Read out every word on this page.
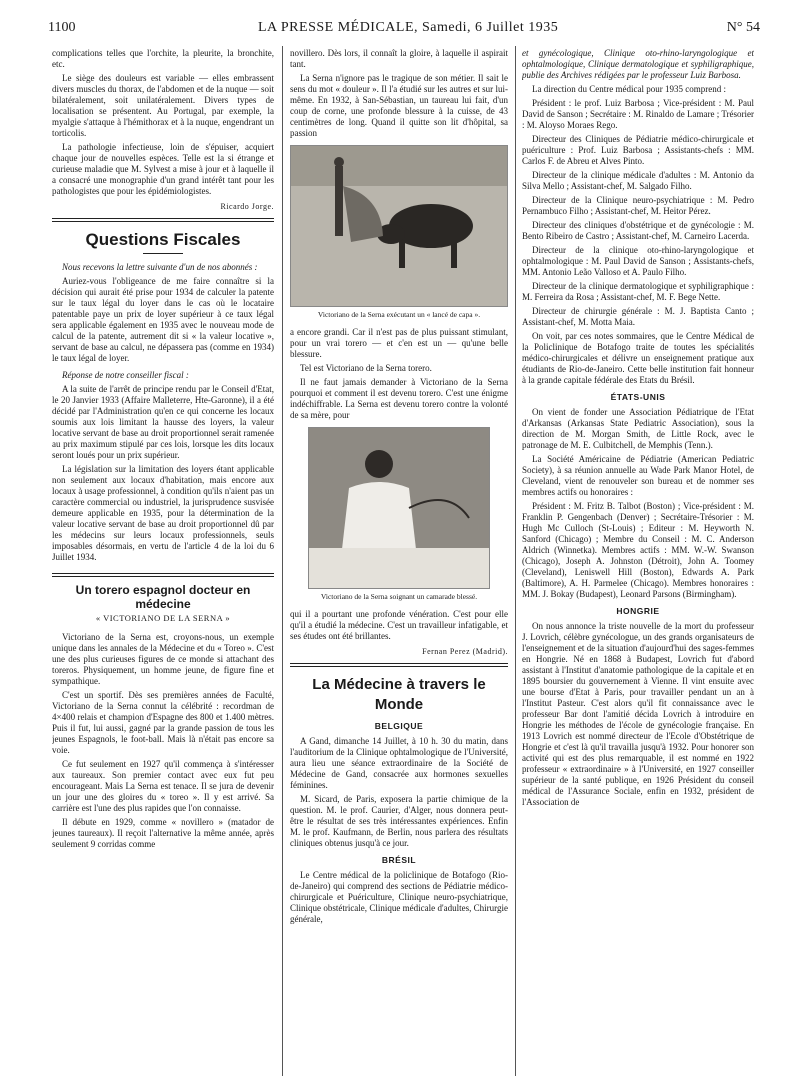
1100	LA PRESSE MÉDICALE, Samedi, 6 Juillet 1935	N° 54

complications telles que l'orchite, la pleurite, la bronchite, etc.

Le siège des douleurs est variable — elles embrassent divers muscles du thorax, de l'abdomen et de la nuque — soit bilatéralement, soit unilatéralement. Divers types de localisation se présentent. Au Portugal, par exemple, la myalgie s'attaque à l'hémithorax et à la nuque, engendrant un torticolis.

La pathologie infectieuse, loin de s'épuiser, acquiert chaque jour de nouvelles espèces. Telle est la si étrange et curieuse maladie que M. Sylvest a mise à jour et à laquelle il a consacré une monographie d'un grand intérêt tant pour les pathologistes que pour les épidémiologistes.

Ricardo Jorge.

Questions Fiscales

Nous recevons la lettre suivante d'un de nos abonnés :

Auriez-vous l'obligeance de me faire connaître si la décision qui aurait été prise pour 1934 de calculer la patente sur le taux légal du loyer dans le cas où le locataire patentable paye un prix de loyer supérieur à ce taux légal sera applicable également en 1935 avec le nouveau mode de calcul de la patente, autrement dit si « la valeur locative », servant de base au calcul, ne dépassera pas (comme en 1934) le taux légal de loyer.

Réponse de notre conseiller fiscal :

A la suite de l'arrêt de principe rendu par le Conseil d'Etat, le 20 Janvier 1933 (Affaire Malleterre, Hte-Garonne), il a été décidé par l'Administration qu'en ce qui concerne les locaux soumis aux lois limitant la hausse des loyers, la valeur locative servant de base au droit proportionnel serait ramenée au prix maximum stipulé par ces lois, lorsque les dits locaux seront loués pour un prix supérieur.

La législation sur la limitation des loyers étant applicable non seulement aux locaux d'habitation, mais encore aux locaux à usage professionnel, à condition qu'ils n'aient pas un caractère commercial ou industriel, la jurisprudence susvisée demeure applicable en 1935, pour la détermination de la valeur locative servant de base au droit proportionnel dû par les médecins sur leurs locaux professionnels, seuls imposables désormais, en vertu de l'article 4 de la loi du 6 Juillet 1934.

Un torero espagnol docteur en médecine
« VICTORIANO DE LA SERNA »

Victoriano de la Serna est, croyons-nous, un exemple unique dans les annales de la Médecine et du « Toreo ». C'est une des plus curieuses figures de ce monde si attachant des toreros. Physiquement, un homme jeune, de figure fine et sympathique.

C'est un sportif. Dès ses premières années de Faculté, Victoriano de la Serna connut la célébrité : recordman de 4×400 relais et champion d'Espagne des 800 et 1.400 mètres. Puis il fut, lui aussi, gagné par la grande passion de tous les jeunes Espagnols, le foot-ball. Mais là n'était pas encore sa voie.

Ce fut seulement en 1927 qu'il commença à s'intéresser aux taureaux. Son premier contact avec eux fut peu encourageant. Mais La Serna est tenace. Il se jura de devenir un jour une des gloires du « toreo ». Il y est arrivé. Sa carrière est l'une des plus rapides que l'on connaisse.

Il débute en 1929, comme « novillero » (matador de jeunes taureaux). Il reçoit l'alternative la même année, après seulement 9 corridas comme

novillero. Dès lors, il connaît la gloire, à laquelle il aspirait tant.

La Serna n'ignore pas le tragique de son métier. Il sait le sens du mot « douleur ». Il l'a étudié sur les autres et sur lui-même. En 1932, à San-Sébastian, un taureau lui fait, d'un coup de corne, une profonde blessure à la cuisse, de 43 centimètres de long. Quand il quitte son lit d'hôpital, sa passion

Victoriano de la Serna exécutant un « lancé de capa ».

a encore grandi. Car il n'est pas de plus puissant stimulant, pour un vrai torero — et c'en est un — qu'une belle blessure.

Tel est Victoriano de la Serna torero.

Il ne faut jamais demander à Victoriano de la Serna pourquoi et comment il est devenu torero. C'est une énigme indéchiffrable. La Serna est devenu torero contre la volonté de sa mère, pour

Victoriano de la Serna soignant un camarade blessé.

qui il a pourtant une profonde vénération. C'est pour elle qu'il a étudié la médecine. C'est un travailleur infatigable, et ses études ont été brillantes.

Fernan Perez (Madrid).

La Médecine à travers le Monde
BELGIQUE

A Gand, dimanche 14 Juillet, à 10 h. 30 du matin, dans l'auditorium de la Clinique ophtalmologique de l'Université, aura lieu une séance extraordinaire de la Société de Médecine de Gand, consacrée aux hormones sexuelles féminines.

M. Sicard, de Paris, exposera la partie chimique de la question. M. le prof. Caurier, d'Alger, nous donnera peut-être le résultat de ses très intéressantes expériences. Enfin M. le prof. Kaufmann, de Berlin, nous parlera des résultats cliniques obtenus jusqu'à ce jour.

BRÉSIL

Le Centre médical de la policlinique de Botafogo (Rio-de-Janeiro) qui comprend des sections de Pédiatrie médico-chirurgicale et Puériculture, Clinique neuro-psychiatrique, Clinique obstétricale, Clinique médicale d'adultes, Chirurgie générale,

et gynécologique, Clinique oto-rhino-laryngologique et ophtalmologique, Clinique dermatologique et syphiligraphique, publie des Archives rédigées par le professeur Luiz Barbosa.

La direction du Centre médical pour 1935 comprend :

Président : le prof. Luiz Barbosa ; Vice-président : M. Paul David de Sanson ; Secrétaire : M. Rinaldo de Lamare ; Trésorier : M. Aloyso Moraes Rego.

Directeur des Cliniques de Pédiatrie médico-chirurgicale et puériculture : Prof. Luiz Barbosa ; Assistants-chefs : MM. Carlos F. de Abreu et Alves Pinto.

Directeur de la clinique médicale d'adultes : M. Antonio da Silva Mello ; Assistant-chef, M. Salgado Filho.

Directeur de la Clinique neuro-psychiatrique : M. Pedro Pernambuco Filho ; Assistant-chef, M. Heitor Pérez.

Directeur des cliniques d'obstétrique et de gynécologie : M. Bento Ribeiro de Castro ; Assistant-chef, M. Carneiro Lacerda.

Directeur de la clinique oto-rhino-laryngologique et ophtalmologique : M. Paul David de Sanson ; Assistants-chefs, MM. Antonio Leão Valloso et A. Paulo Filho.

Directeur de la clinique dermatologique et syphiligraphique : M. Ferreira da Rosa ; Assistant-chef, M. F. Bege Nette.

Directeur de chirurgie générale : M. J. Baptista Canto ; Assistant-chef, M. Motta Maia.

On voit, par ces notes sommaires, que le Centre Médical de la Policlinique de Botafogo traite de toutes les spécialités médico-chirurgicales et délivre un enseignement pratique aux étudiants de Rio-de-Janeiro. Cette belle institution fait honneur à la grande capitale fédérale des Etats du Brésil.

ÉTATS-UNIS

On vient de fonder une Association Pédiatrique de l'Etat d'Arkansas (Arkansas State Pediatric Association), sous la direction de M. Morgan Smith, de Little Rock, avec le patronage de M. E. Culbitchell, de Memphis (Tenn.).

La Société Américaine de Pédiatrie (American Pediatric Society), à sa réunion annuelle au Wade Park Manor Hotel, de Cleveland, vient de renouveler son bureau et de nommer ses membres actifs ou honoraires :

Président : M. Fritz B. Talbot (Boston) ; Vice-président : M. Franklin P. Gengenbach (Denver) ; Secrétaire-Trésorier : M. Hugh Mc Culloch (St-Louis) ; Editeur : M. Heyworth N. Sanford (Chicago) ; Membre du Conseil : M. C. Anderson Aldrich (Winnetka). Membres actifs : MM. W.-W. Swanson (Chicago), Joseph A. Johnston (Détroit), John A. Toomey (Cleveland), Leniswell Hill (Boston), Edwards A. Park (Baltimore), A. H. Parmelee (Chicago). Membres honoraires : MM. J. Bokay (Budapest), Leonard Parsons (Birmingham).

HONGRIE

On nous annonce la triste nouvelle de la mort du professeur J. Lovrich, célèbre gynécologue, un des grands organisateurs de l'enseignement et de la situation d'aujourd'hui des sages-femmes en Hongrie. Né en 1868 à Budapest, Lovrich fut d'abord assistant à l'Institut d'anatomie pathologique de la capitale et en 1895 boursier du gouvernement à Vienne. Il vint ensuite avec une bourse d'Etat à Paris, pour travailler pendant un an à l'Institut Pasteur. C'est alors qu'il fit connaissance avec le professeur Bar dont l'amitié décida Lovrich à introduire en Hongrie les méthodes de l'école de gynécologie française. En 1913 Lovrich est nommé directeur de l'Ecole d'Obstétrique de Hongrie et c'est là qu'il travailla jusqu'à 1932. Pour honorer son activité qui est des plus remarquable, il est nommé en 1922 professeur « extraordinaire » à l'Université, en 1927 conseiller supérieur de la santé publique, en 1926 Président du conseil médical de l'Assurance Sociale, enfin en 1932, président de l'Association de
